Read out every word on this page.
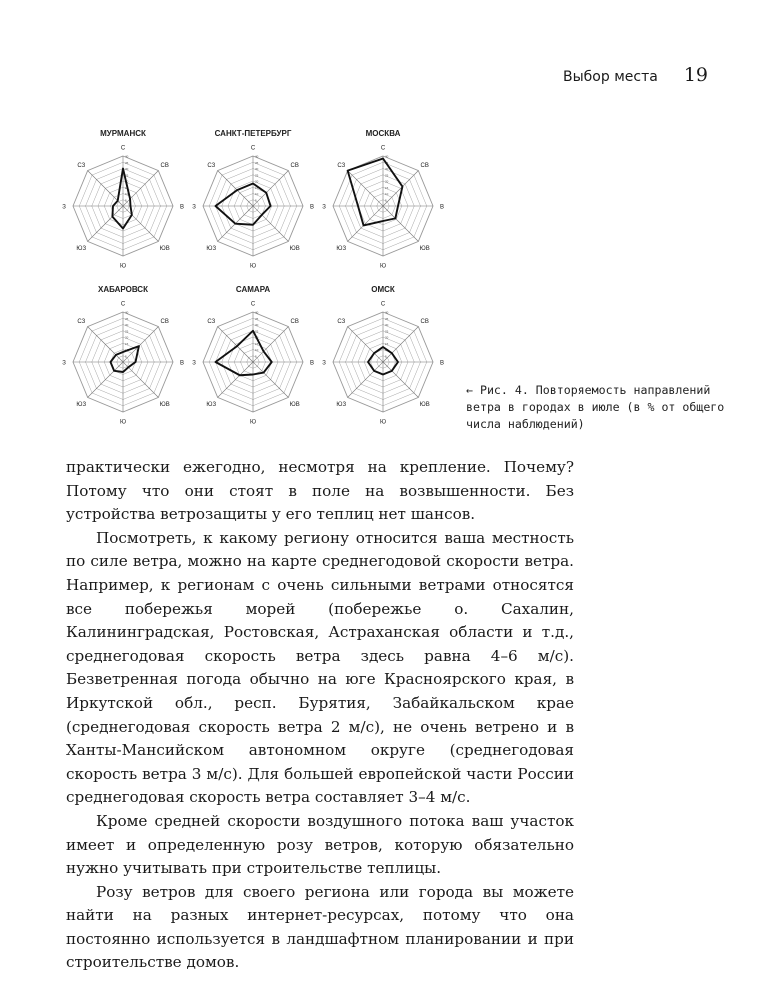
Выбор места 19
МУРМАНСК
5
10
15
20
25
30
35
40
С
СВ
В
ЮВ
Ю
ЮЗ
З
СЗ
САНКТ-ПЕТЕРБУРГ
5
10
15
20
25
30
35
40
С
СВ
В
ЮВ
Ю
ЮЗ
З
СЗ
МОСКВА
5
10
15
20
25
30
35
40
С
СВ
В
ЮВ
Ю
ЮЗ
З
СЗ
ХАБАРОВСК
5
10
15
20
25
30
35
40
С
СВ
В
ЮВ
Ю
ЮЗ
З
СЗ
САМАРА
5
10
15
20
25
30
35
40
С
СВ
В
ЮВ
Ю
ЮЗ
З
СЗ
ОМСК
5
10
15
20
25
30
35
40
С
СВ
В
ЮВ
Ю
ЮЗ
З
СЗ
← Рис. 4. Повторяемость направлений ветра в городах в июле (в % от общего числа наблюдений)

практически ежегодно, несмотря на крепление. Почему? Потому что они стоят в поле на возвышенности. Без устройства ветрозащиты у его теплиц нет шансов.

Посмотреть, к какому региону относится ваша местность по силе ветра, можно на карте среднегодовой скорости ветра. Например, к регионам с очень сильными ветрами относятся все побережья морей (побережье о. Сахалин, Калининградская, Ростовская, Астраханская области и т.д., среднегодовая скорость ветра здесь равна 4–6 м/с). Безветренная погода обычно на юге Красноярского края, в Иркутской обл., респ. Бурятия, Забайкальском крае (среднегодовая скорость ветра 2 м/с), не очень ветрено и в Ханты-Мансийском автономном округе (среднегодовая скорость ветра 3 м/с). Для большей европейской части России среднегодовая скорость ветра составляет 3–4 м/с.

Кроме средней скорости воздушного потока ваш участок имеет и определенную розу ветров, которую обязательно нужно учитывать при строительстве теплицы.

Розу ветров для своего региона или города вы можете найти на разных интернет-ресурсах, потому что она постоянно используется в ландшафтном планировании и при строительстве домов.
